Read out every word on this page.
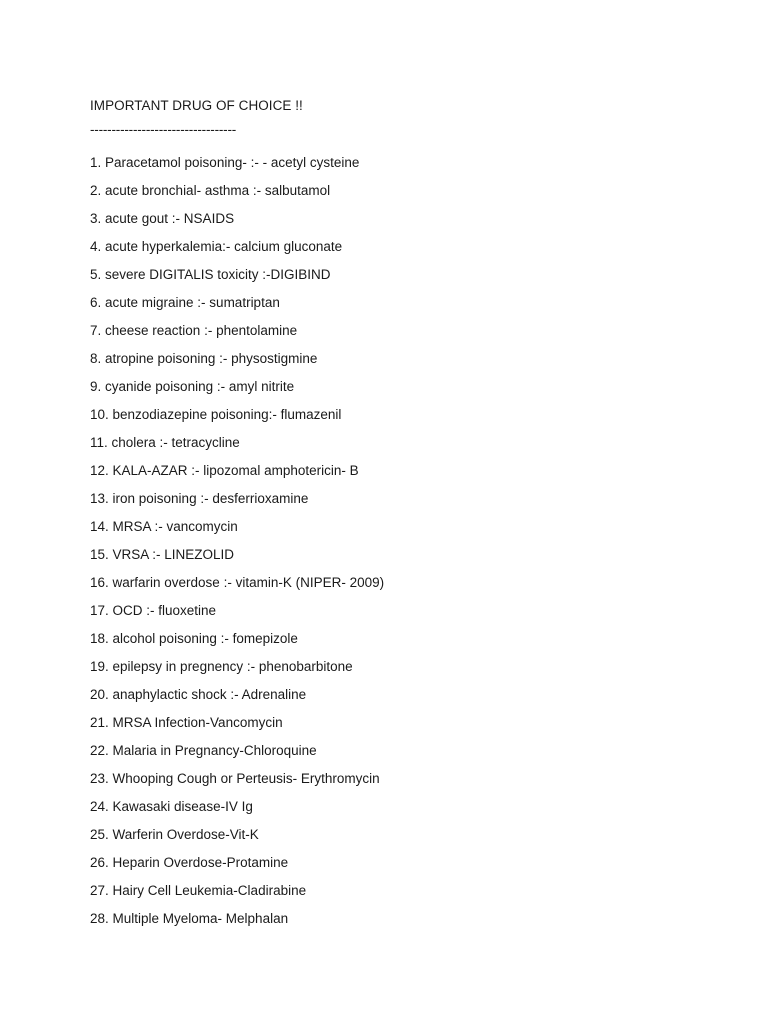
IMPORTANT DRUG OF CHOICE !!
----------------------------------
1. Paracetamol poisoning- :- - acetyl cysteine
2. acute bronchial- asthma :- salbutamol
3. acute gout :- NSAIDS
4. acute hyperkalemia:- calcium gluconate
5. severe DIGITALIS toxicity :-DIGIBIND
6. acute migraine :- sumatriptan
7. cheese reaction :- phentolamine
8. atropine poisoning :- physostigmine
9. cyanide poisoning :- amyl nitrite
10. benzodiazepine poisoning:- flumazenil
11. cholera :- tetracycline
12. KALA-AZAR :- lipozomal amphotericin- B
13. iron poisoning :- desferrioxamine
14. MRSA :- vancomycin
15. VRSA :- LINEZOLID
16. warfarin overdose :- vitamin-K (NIPER- 2009)
17. OCD :- fluoxetine
18. alcohol poisoning :- fomepizole
19. epilepsy in pregnency :- phenobarbitone
20. anaphylactic shock :- Adrenaline
21. MRSA Infection-Vancomycin
22. Malaria in Pregnancy-Chloroquine
23. Whooping Cough or Perteusis- Erythromycin
24. Kawasaki disease-IV Ig
25. Warferin Overdose-Vit-K
26. Heparin Overdose-Protamine
27. Hairy Cell Leukemia-Cladirabine
28. Multiple Myeloma- Melphalan
